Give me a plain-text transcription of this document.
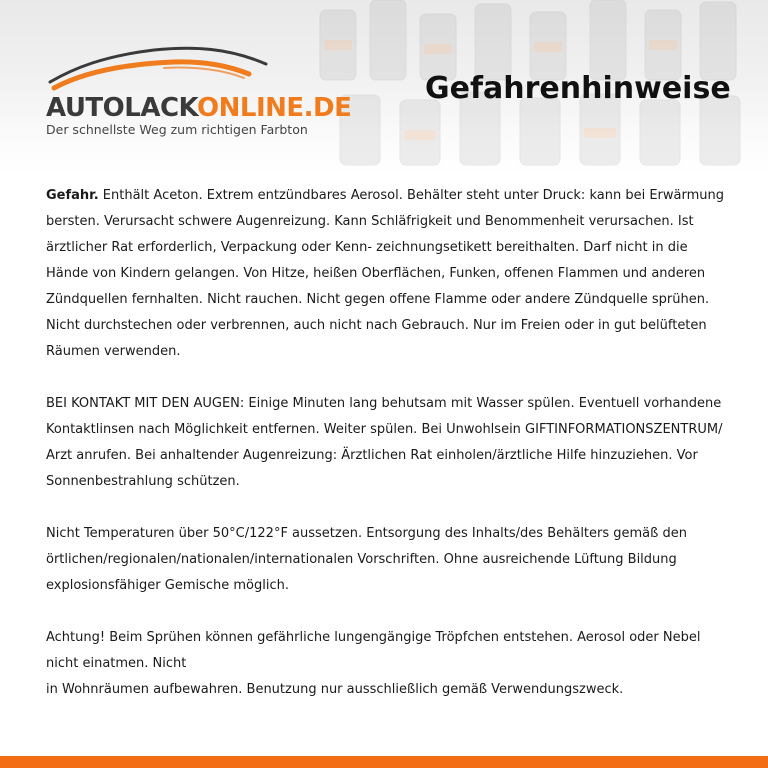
AUTOLACKONLINE.DE
Der schnellste Weg zum richtigen Farbton
Gefahrenhinweise

Gefahr. Enthält Aceton. Extrem entzündbares Aerosol. Behälter steht unter Druck: kann bei Erwärmung bersten. Verursacht schwere Augenreizung. Kann Schläfrigkeit und Benommenheit verursachen. Ist ärztlicher Rat erforderlich, Verpackung oder Kenn- zeichnungsetikett bereithalten. Darf nicht in die Hände von Kindern gelangen. Von Hitze, heißen Oberflächen, Funken, offenen Flammen und anderen Zündquellen fernhalten. Nicht rauchen. Nicht gegen offene Flamme oder andere Zündquelle sprühen. Nicht durchstechen oder verbrennen, auch nicht nach Gebrauch. Nur im Freien oder in gut belüfteten Räumen verwenden.

BEI KONTAKT MIT DEN AUGEN: Einige Minuten lang behutsam mit Wasser spülen. Eventuell vorhandene Kontaktlinsen nach Möglichkeit entfernen. Weiter spülen. Bei Unwohlsein GIFTINFORMATIONSZENTRUM/ Arzt anrufen. Bei anhaltender Augenreizung: Ärztlichen Rat einholen/ärztliche Hilfe hinzuziehen. Vor Sonnenbestrahlung schützen.

Nicht Temperaturen über 50°C/122°F aussetzen. Entsorgung des Inhalts/des Behälters gemäß den örtlichen/regionalen/nationalen/internationalen Vorschriften. Ohne ausreichende Lüftung Bildung explosionsfähiger Gemische möglich.

Achtung! Beim Sprühen können gefährliche lungengängige Tröpfchen entstehen. Aerosol oder Nebel nicht einatmen. Nicht
in Wohnräumen aufbewahren. Benutzung nur ausschließlich gemäß Verwendungszweck.
